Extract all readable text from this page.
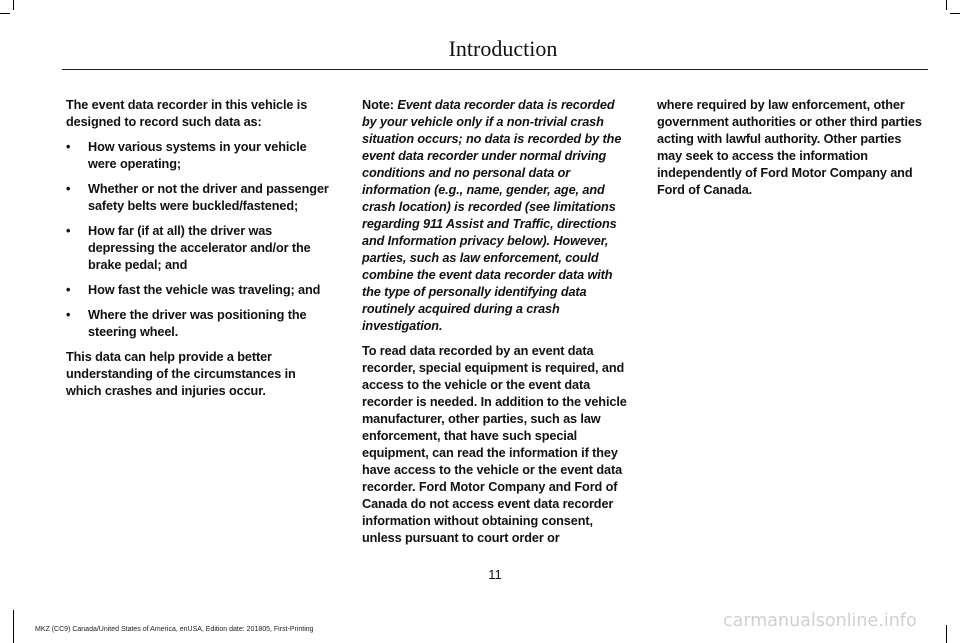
Introduction

The event data recorder in this vehicle is designed to record such data as:

• How various systems in your vehicle were operating;
• Whether or not the driver and passenger safety belts were buckled/fastened;
• How far (if at all) the driver was depressing the accelerator and/or the brake pedal; and
• How fast the vehicle was traveling; and
• Where the driver was positioning the steering wheel.

This data can help provide a better understanding of the circumstances in which crashes and injuries occur.

Note: Event data recorder data is recorded by your vehicle only if a non-trivial crash situation occurs; no data is recorded by the event data recorder under normal driving conditions and no personal data or information (e.g., name, gender, age, and crash location) is recorded (see limitations regarding 911 Assist and Traffic, directions and Information privacy below). However, parties, such as law enforcement, could combine the event data recorder data with the type of personally identifying data routinely acquired during a crash investigation.

To read data recorded by an event data recorder, special equipment is required, and access to the vehicle or the event data recorder is needed. In addition to the vehicle manufacturer, other parties, such as law enforcement, that have such special equipment, can read the information if they have access to the vehicle or the event data recorder. Ford Motor Company and Ford of Canada do not access event data recorder information without obtaining consent, unless pursuant to court order or

where required by law enforcement, other government authorities or other third parties acting with lawful authority. Other parties may seek to access the information independently of Ford Motor Company and Ford of Canada.

11
MKZ (CC9) Canada/United States of America, enUSA, Edition date: 201805, First-Printing	carmanualsonline.info
